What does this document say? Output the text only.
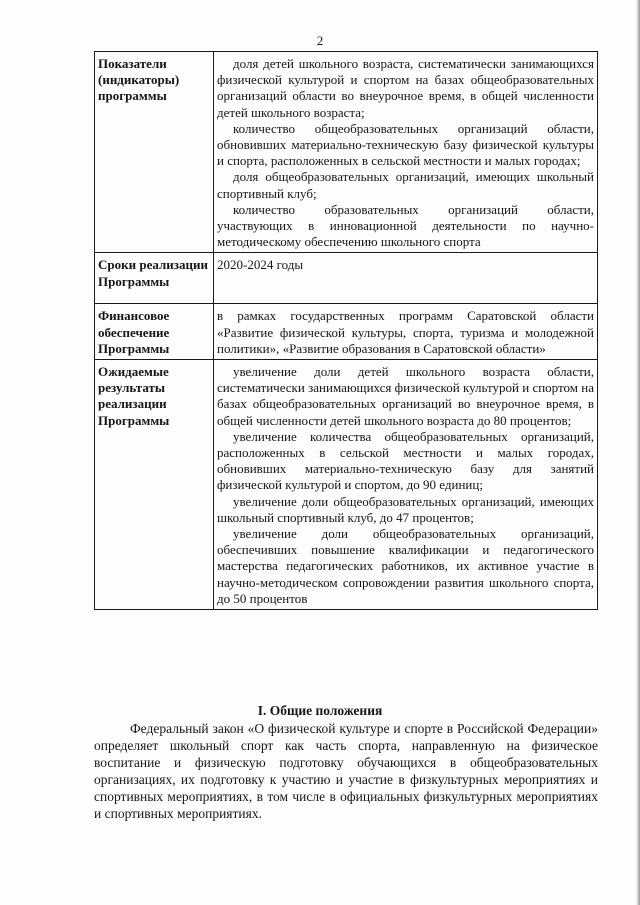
2
Показатели (индикаторы) программы	доля детей школьного возраста, систематически занимающихся физической культурой и спортом на базах общеобразовательных организаций области во внеурочное время, в общей численности детей школьного возраста;

количество общеобразовательных организаций области, обновивших материально-техническую базу физической культуры и спорта, расположенных в сельской местности и малых городах;

доля общеобразовательных организаций, имеющих школьный спортивный клуб;

количество образовательных организаций области, участвующих в инновационной деятельности по научно-методическому обеспечению школьного спорта

Сроки реализации Программы	2020-2024 годы

Финансовое обеспечение Программы	в рамках государственных программ Саратовской области «Развитие физической культуры, спорта, туризма и молодежной политики», «Развитие образования в Саратовской области»

Ожидаемые результаты реализации Программы	увеличение доли детей школьного возраста области, систематически занимающихся физической культурой и спортом на базах общеобразовательных организаций во внеурочное время, в общей численности детей школьного возраста до 80 процентов;

увеличение количества общеобразовательных организаций, расположенных в сельской местности и малых городах, обновивших материально-техническую базу для занятий физической культурой и спортом, до 90 единиц;

увеличение доли общеобразовательных организаций, имеющих школьный спортивный клуб, до 47 процентов;

увеличение доли общеобразовательных организаций, обеспечивших повышение квалификации и педагогического мастерства педагогических работников, их активное участие в научно-методическом сопровождении развития школьного спорта, до 50 процентов

I. Общие положения

Федеральный закон «О физической культуре и спорте в Российской Федерации» определяет школьный спорт как часть спорта, направленную на физическое воспитание и физическую подготовку обучающихся в общеобразовательных организациях, их подготовку к участию и участие в физкультурных мероприятиях и спортивных мероприятиях, в том числе в официальных физкультурных мероприятиях и спортивных мероприятиях.
